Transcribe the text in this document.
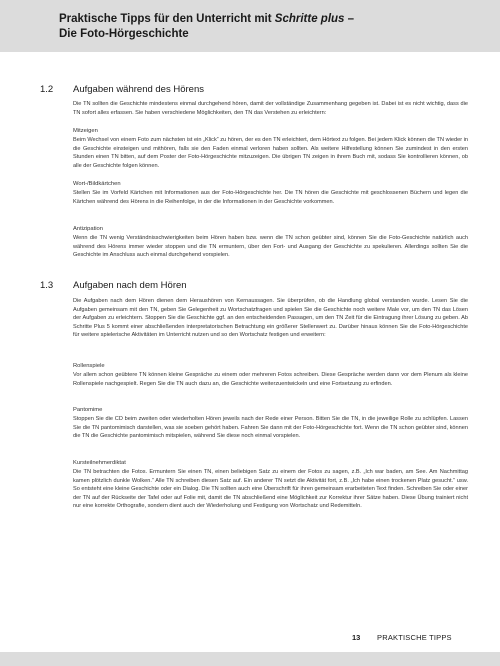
Praktische Tipps für den Unterricht mit Schritte plus –
Die Foto-Hörgeschichte
1.2 Aufgaben während des Hörens
Die TN sollten die Geschichte mindestens einmal durchgehend hören, damit der vollständige Zusammenhang gegeben ist. Dabei ist es nicht wichtig, dass die TN sofort alles erfassen. Sie haben verschiedene Möglichkeiten, den TN das Verstehen zu erleichtern:
Mitzeigen
Beim Wechsel von einem Foto zum nächsten ist ein „Klick“ zu hören, der es den TN erleichtert, dem Hörtext zu folgen. Bei jedem Klick können die TN wieder in die Geschichte einsteigen und mithören, falls sie den Faden einmal verloren haben sollten. Als weitere Hilfestellung können Sie zumindest in den ersten Stunden einen TN bitten, auf dem Poster der Foto-Hörgeschichte mitzuzeigen. Die übrigen TN zeigen in ihrem Buch mit, sodass Sie kontrollieren können, ob alle der Geschichte folgen können.
Wort-/Bildkärtchen
Stellen Sie im Vorfeld Kärtchen mit Informationen aus der Foto-Hörgeschichte her. Die TN hören die Geschichte mit geschlossenen Büchern und legen die Kärtchen während des Hörens in die Reihenfolge, in der die Informationen in der Geschichte vorkommen.
Antizipation
Wenn die TN wenig Verständnisschwierigkeiten beim Hören haben bzw. wenn die TN schon geübter sind, können Sie die Foto-Geschichte natürlich auch während des Hörens immer wieder stoppen und die TN ermuntern, über den Fort- und Ausgang der Geschichte zu spekulieren. Allerdings sollten Sie die Geschichte im Anschluss auch einmal durchgehend vorspielen.
1.3 Aufgaben nach dem Hören
Die Aufgaben nach dem Hören dienen dem Heraushören von Kernaussagen. Sie überprüfen, ob die Handlung global verstanden wurde. Lesen Sie die Aufgaben gemeinsam mit den TN, geben Sie Gelegenheit zu Wortschatzfragen und spielen Sie die Geschichte noch weitere Male vor, um den TN das Lösen der Aufgaben zu erleichtern. Stoppen Sie die Geschichte ggf. an den entscheidenden Passagen, um den TN Zeit für die Eintragung ihrer Lösung zu geben. Ab Schritte Plus 5 kommt einer abschließenden interpretatorischen Betrachtung ein größerer Stellenwert zu. Darüber hinaus können Sie die Foto-Hörgeschichte für weitere spielerische Aktivitäten im Unterricht nutzen und so den Wortschatz festigen und erweitern:
Rollenspiele
Vor allem schon geübtere TN können kleine Gespräche zu einem oder mehreren Fotos schreiben. Diese Gespräche werden dann vor dem Plenum als kleine Rollenspiele nachgespielt. Regen Sie die TN auch dazu an, die Geschichte weiterzuentwickeln und eine Fortsetzung zu erfinden.
Pantomime
Stoppen Sie die CD beim zweiten oder wiederholten Hören jeweils nach der Rede einer Person. Bitten Sie die TN, in die jeweilige Rolle zu schlüpfen. Lassen Sie die TN pantomimisch darstellen, was sie soeben gehört haben. Fahren Sie dann mit der Foto-Hörgeschichte fort. Wenn die TN schon geübter sind, können die TN die Geschichte pantomimisch mitspielen, während Sie diese noch einmal vorspielen.
Kursteilnehmerdiktat
Die TN betrachten die Fotos. Ermuntern Sie einen TN, einen beliebigen Satz zu einem der Fotos zu sagen, z.B. „Ich war baden, am See. Am Nachmittag kamen plötzlich dunkle Wolken.“ Alle TN schreiben diesen Satz auf. Ein anderer TN setzt die Aktivität fort, z.B. „Ich habe einen trockenen Platz gesucht.“ usw. So entsteht eine kleine Geschichte oder ein Dialog. Die TN sollten auch eine Überschrift für ihren gemeinsam erarbeiteten Text finden. Schreiben Sie oder einer der TN auf der Rückseite der Tafel oder auf Folie mit, damit die TN abschließend eine Möglichkeit zur Korrektur ihrer Sätze haben. Diese Übung trainiert nicht nur eine korrekte Orthografie, sondern dient auch der Wiederholung und Festigung von Wortschatz und Redemitteln.
13 PRAKTISCHE TIPPS
